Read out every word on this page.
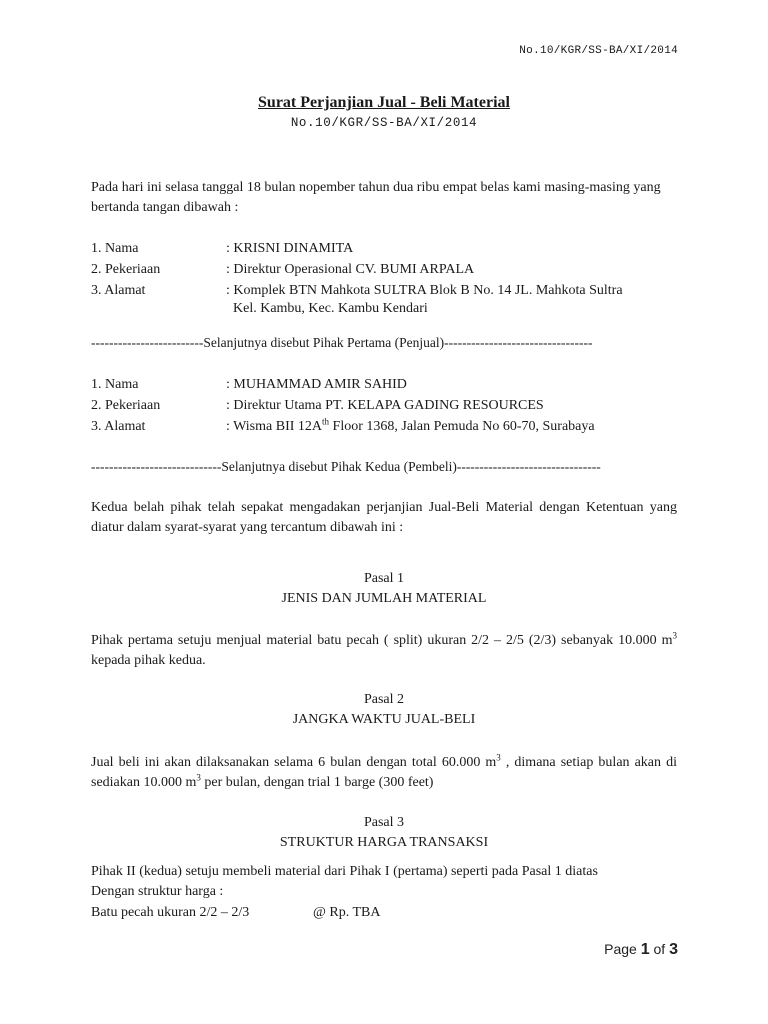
No.10/KGR/SS-BA/XI/2014
Surat Perjanjian Jual - Beli Material
No.10/KGR/SS-BA/XI/2014
Pada hari ini selasa tanggal 18 bulan nopember tahun dua ribu empat belas kami masing-masing yang bertanda tangan dibawah :
1. Nama	: KRISNI DINAMITA
2. Pekeriaan	: Direktur Operasional CV. BUMI ARPALA
3. Alamat	: Komplek BTN Mahkota SULTRA Blok B No. 14 JL. Mahkota Sultra
Kel. Kambu, Kec. Kambu Kendari
-------------------------Selanjutnya disebut Pihak Pertama (Penjual)---------------------------------
1. Nama	: MUHAMMAD AMIR SAHID
2. Pekeriaan	: Direktur Utama PT. KELAPA GADING RESOURCES
3. Alamat	: Wisma BII $12A^{th}$ Floor 1368, Jalan Pemuda No 60-70, Surabaya
-----------------------------Selanjutnya disebut Pihak Kedua (Pembeli)--------------------------------
Kedua belah pihak telah sepakat mengadakan perjanjian Jual-Beli Material dengan Ketentuan yang diatur dalam syarat-syarat yang tercantum dibawah ini :
Pasal 1
JENIS DAN JUMLAH MATERIAL
Pihak pertama setuju menjual material batu pecah ( split) ukuran 2/2 – 2/5 (2/3) sebanyak 10.000 $m^3$ kepada pihak kedua.
Pasal 2
JANGKA WAKTU JUAL-BELI
Jual beli ini akan dilaksanakan selama 6 bulan dengan total 60.000 $m^3$ , dimana setiap bulan akan di sediakan 10.000 $m^3$ per bulan, dengan trial 1 barge (300 feet)
Pasal 3
STRUKTUR HARGA TRANSAKSI
Pihak II (kedua) setuju membeli material dari Pihak I (pertama) seperti pada Pasal 1 diatas
Dengan struktur harga :
Batu pecah ukuran 2/2 – 2/3	@ Rp. TBA
Page 1 of 3
